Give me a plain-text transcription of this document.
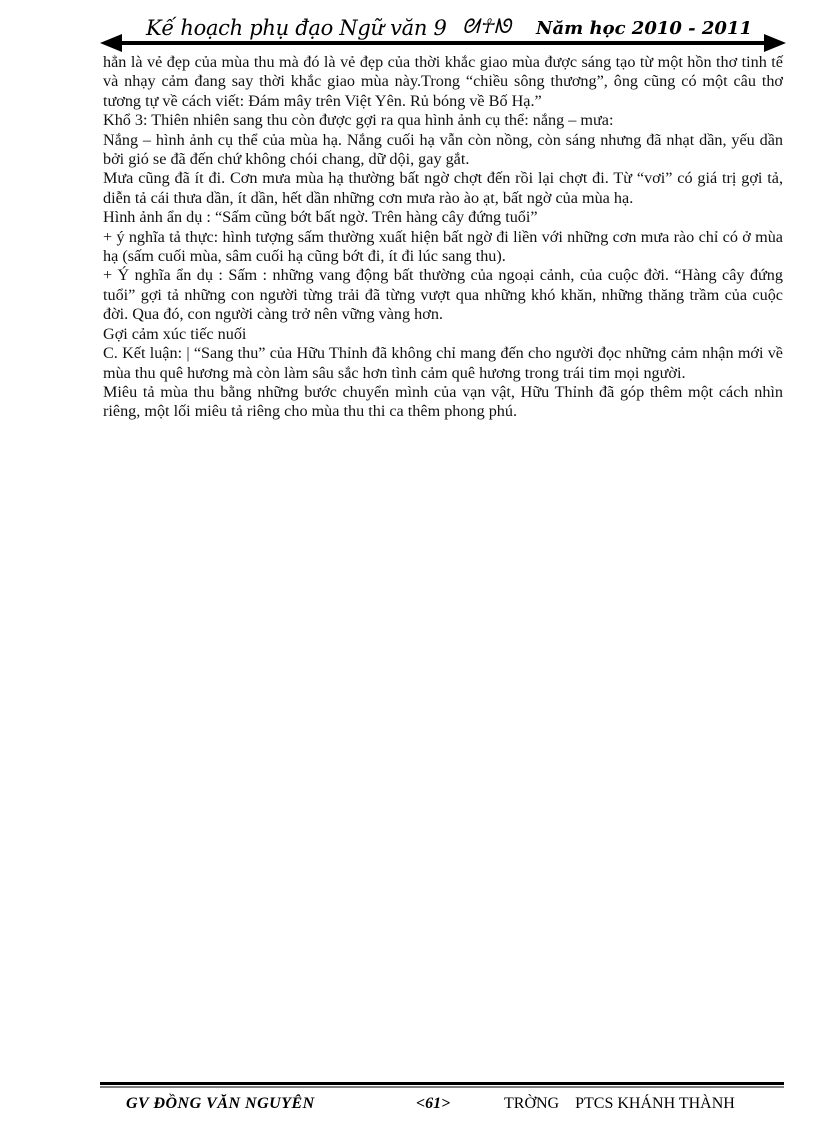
Kế hoạch phụ đạo Ngữ văn 9 ᘛ☥ᘚ Năm học 2010 - 2011

hẳn là vẻ đẹp của mùa thu mà đó là vẻ đẹp của thời khắc giao mùa được sáng tạo từ một hồn thơ tinh tế và nhạy cảm đang say thời khắc giao mùa này.Trong “chiều sông thương”, ông cũng có một câu thơ tương tự về cách viết: Đám mây trên Việt Yên. Rủ bóng về Bố Hạ.”

Khổ 3: Thiên nhiên sang thu còn được gợi ra qua hình ảnh cụ thể: nắng – mưa:

Nắng – hình ảnh cụ thể của mùa hạ. Nắng cuối hạ vẫn còn nồng, còn sáng nhưng đã nhạt dần, yếu dần bởi gió se đã đến chứ không chói chang, dữ dội, gay gắt.

Mưa cũng đã ít đi. Cơn mưa mùa hạ thường bất ngờ chợt đến rồi lại chợt đi. Từ “vơi” có giá trị gợi tả, diễn tả cái thưa dần, ít dần, hết dần những cơn mưa rào ào ạt, bất ngờ của mùa hạ.

Hình ảnh ẩn dụ : “Sấm cũng bớt bất ngờ. Trên hàng cây đứng tuổi”

+ ý nghĩa tả thực: hình tượng sấm thường xuất hiện bất ngờ đi liền với những cơn mưa rào chỉ có ở mùa hạ (sấm cuối mùa, sâm cuối hạ cũng bớt đi, ít đi lúc sang thu).

+ Ý nghĩa ẩn dụ : Sấm : những vang động bất thường của ngoại cảnh, của cuộc đời. “Hàng cây đứng tuổi” gợi tả những con người từng trải đã từng vượt qua những khó khăn, những thăng trầm của cuộc đời. Qua đó, con người càng trở nên vững vàng hơn.

Gợi cảm xúc tiếc nuối

C. Kết luận: | “Sang thu” của Hữu Thỉnh đã không chỉ mang đến cho người đọc những cảm nhận mới về mùa thu quê hương mà còn làm sâu sắc hơn tình cảm quê hương trong trái tim mọi người.

Miêu tả mùa thu bằng những bước chuyển mình của vạn vật, Hữu Thỉnh đã góp thêm một cách nhìn riêng, một lối miêu tả riêng cho mùa thu thi ca thêm phong phú.

GV ĐỒNG VĂN NGUYÊN	<61>	TRỜNG    PTCS KHÁNH THÀNH
